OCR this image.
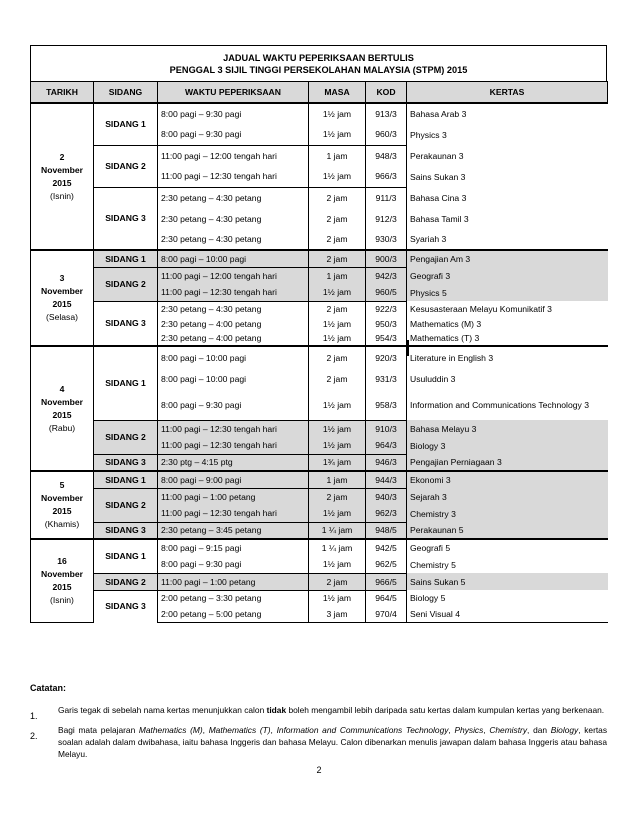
JADUAL WAKTU PEPERIKSAAN BERTULIS
PENGGAL 3 SIJIL TINGGI PERSEKOLAHAN MALAYSIA (STPM) 2015
TARIKH	SIDANG	WAKTU PEPERIKSAAN	MASA	KOD	KERTAS
2
November
2015
(Isnin)	SIDANG 1	8:00 pagi – 9:30 pagi	1½ jam	913/3	Bahasa Arab 3
		8:00 pagi – 9:30 pagi	1½ jam	960/3	Physics 3
	SIDANG 2	11:00 pagi – 12:00 tengah hari	1 jam	948/3	Perakaunan 3
		11:00 pagi – 12:30 tengah hari	1½ jam	966/3	Sains Sukan 3
	SIDANG 3	2:30 petang – 4:30 petang	2 jam	911/3	Bahasa Cina 3
		2:30 petang – 4:30 petang	2 jam	912/3	Bahasa Tamil 3
		2:30 petang – 4:30 petang	2 jam	930/3	Syariah 3
3
November
2015
(Selasa)	SIDANG 1	8:00 pagi – 10:00 pagi	2 jam	900/3	Pengajian Am 3
	SIDANG 2	11:00 pagi – 12:00 tengah hari	1 jam	942/3	Geografi 3
		11:00 pagi – 12:30 tengah hari	1½ jam	960/5	Physics 5
	SIDANG 3	2:30 petang – 4:30 petang	2 jam	922/3	Kesusasteraan Melayu Komunikatif 3
		2:30 petang – 4:00 petang	1½ jam	950/3	Mathematics (M) 3
		2:30 petang – 4:00 petang	1½ jam	954/3	Mathematics (T) 3
4
November
2015
(Rabu)	SIDANG 1	8:00 pagi – 10:00 pagi	2 jam	920/3	Literature in English 3
		8:00 pagi – 10:00 pagi	2 jam	931/3	Usuluddin 3
		8:00 pagi – 9:30 pagi	1½ jam	958/3	Information and Communications Technology 3
	SIDANG 2	11:00 pagi – 12:30 tengah hari	1½ jam	910/3	Bahasa Melayu 3
		11:00 pagi – 12:30 tengah hari	1½ jam	964/3	Biology 3
	SIDANG 3	2:30 ptg – 4:15 ptg	1¾ jam	946/3	Pengajian Perniagaan 3
5
November
2015
(Khamis)	SIDANG 1	8:00 pagi – 9:00 pagi	1 jam	944/3	Ekonomi 3
	SIDANG 2	11:00 pagi – 1:00 petang	2 jam	940/3	Sejarah 3
		11:00 pagi – 12:30 tengah hari	1½ jam	962/3	Chemistry 3
	SIDANG 3	2:30 petang – 3:45 petang	1 ¼ jam	948/5	Perakaunan 5
16
November
2015
(Isnin)	SIDANG 1	8:00 pagi – 9:15 pagi	1 ¼ jam	942/5	Geografi 5
		8:00 pagi – 9:30 pagi	1½ jam	962/5	Chemistry 5
	SIDANG 2	11:00 pagi – 1:00 petang	2 jam	966/5	Sains Sukan 5
	SIDANG 3	2:00 petang – 3:30 petang	1½ jam	964/5	Biology 5
		2:00 petang – 5:00 petang	3 jam	970/4	Seni Visual 4
Catatan:
1.
Garis tegak di sebelah nama kertas menunjukkan calon tidak boleh mengambil lebih daripada satu kertas dalam kumpulan kertas yang berkenaan.
2.
Bagi mata pelajaran Mathematics (M), Mathematics (T), Information and Communications Technology, Physics, Chemistry, dan Biology, kertas soalan adalah dalam dwibahasa, iaitu bahasa Inggeris dan bahasa Melayu. Calon dibenarkan menulis jawapan dalam bahasa Inggeris atau bahasa Melayu.
2
